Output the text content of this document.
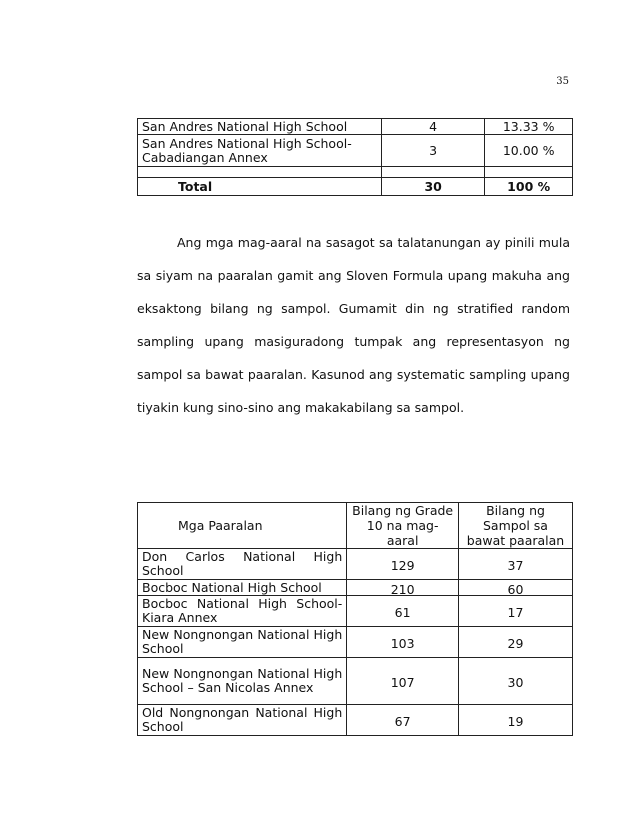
35
San Andres National High School	4	13.33 %
San Andres National High School-Cabadiangan Annex	3	10.00 %

Total	30	100 %

Ang mga mag-aaral na sasagot sa talatanungan ay pinili mula sa siyam na paaralan gamit ang Sloven Formula upang makuha ang eksaktong bilang ng sampol. Gumamit din ng stratified random sampling upang masiguradong tumpak ang representasyon ng sampol sa bawat paaralan. Kasunod ang systematic sampling upang tiyakin kung sino-sino ang makakabilang sa sampol.

Mga Paaralan	Bilang ng Grade 10 na mag-aaral	Bilang ng Sampol sa bawat paaralan
Don Carlos National High School	129	37
Bocboc National High School	210	60
Bocboc National High School- Kiara Annex	61	17
New Nongnongan National High School	103	29
New Nongnongan National High School – San Nicolas Annex	107	30
Old Nongnongan National High School	67	19
